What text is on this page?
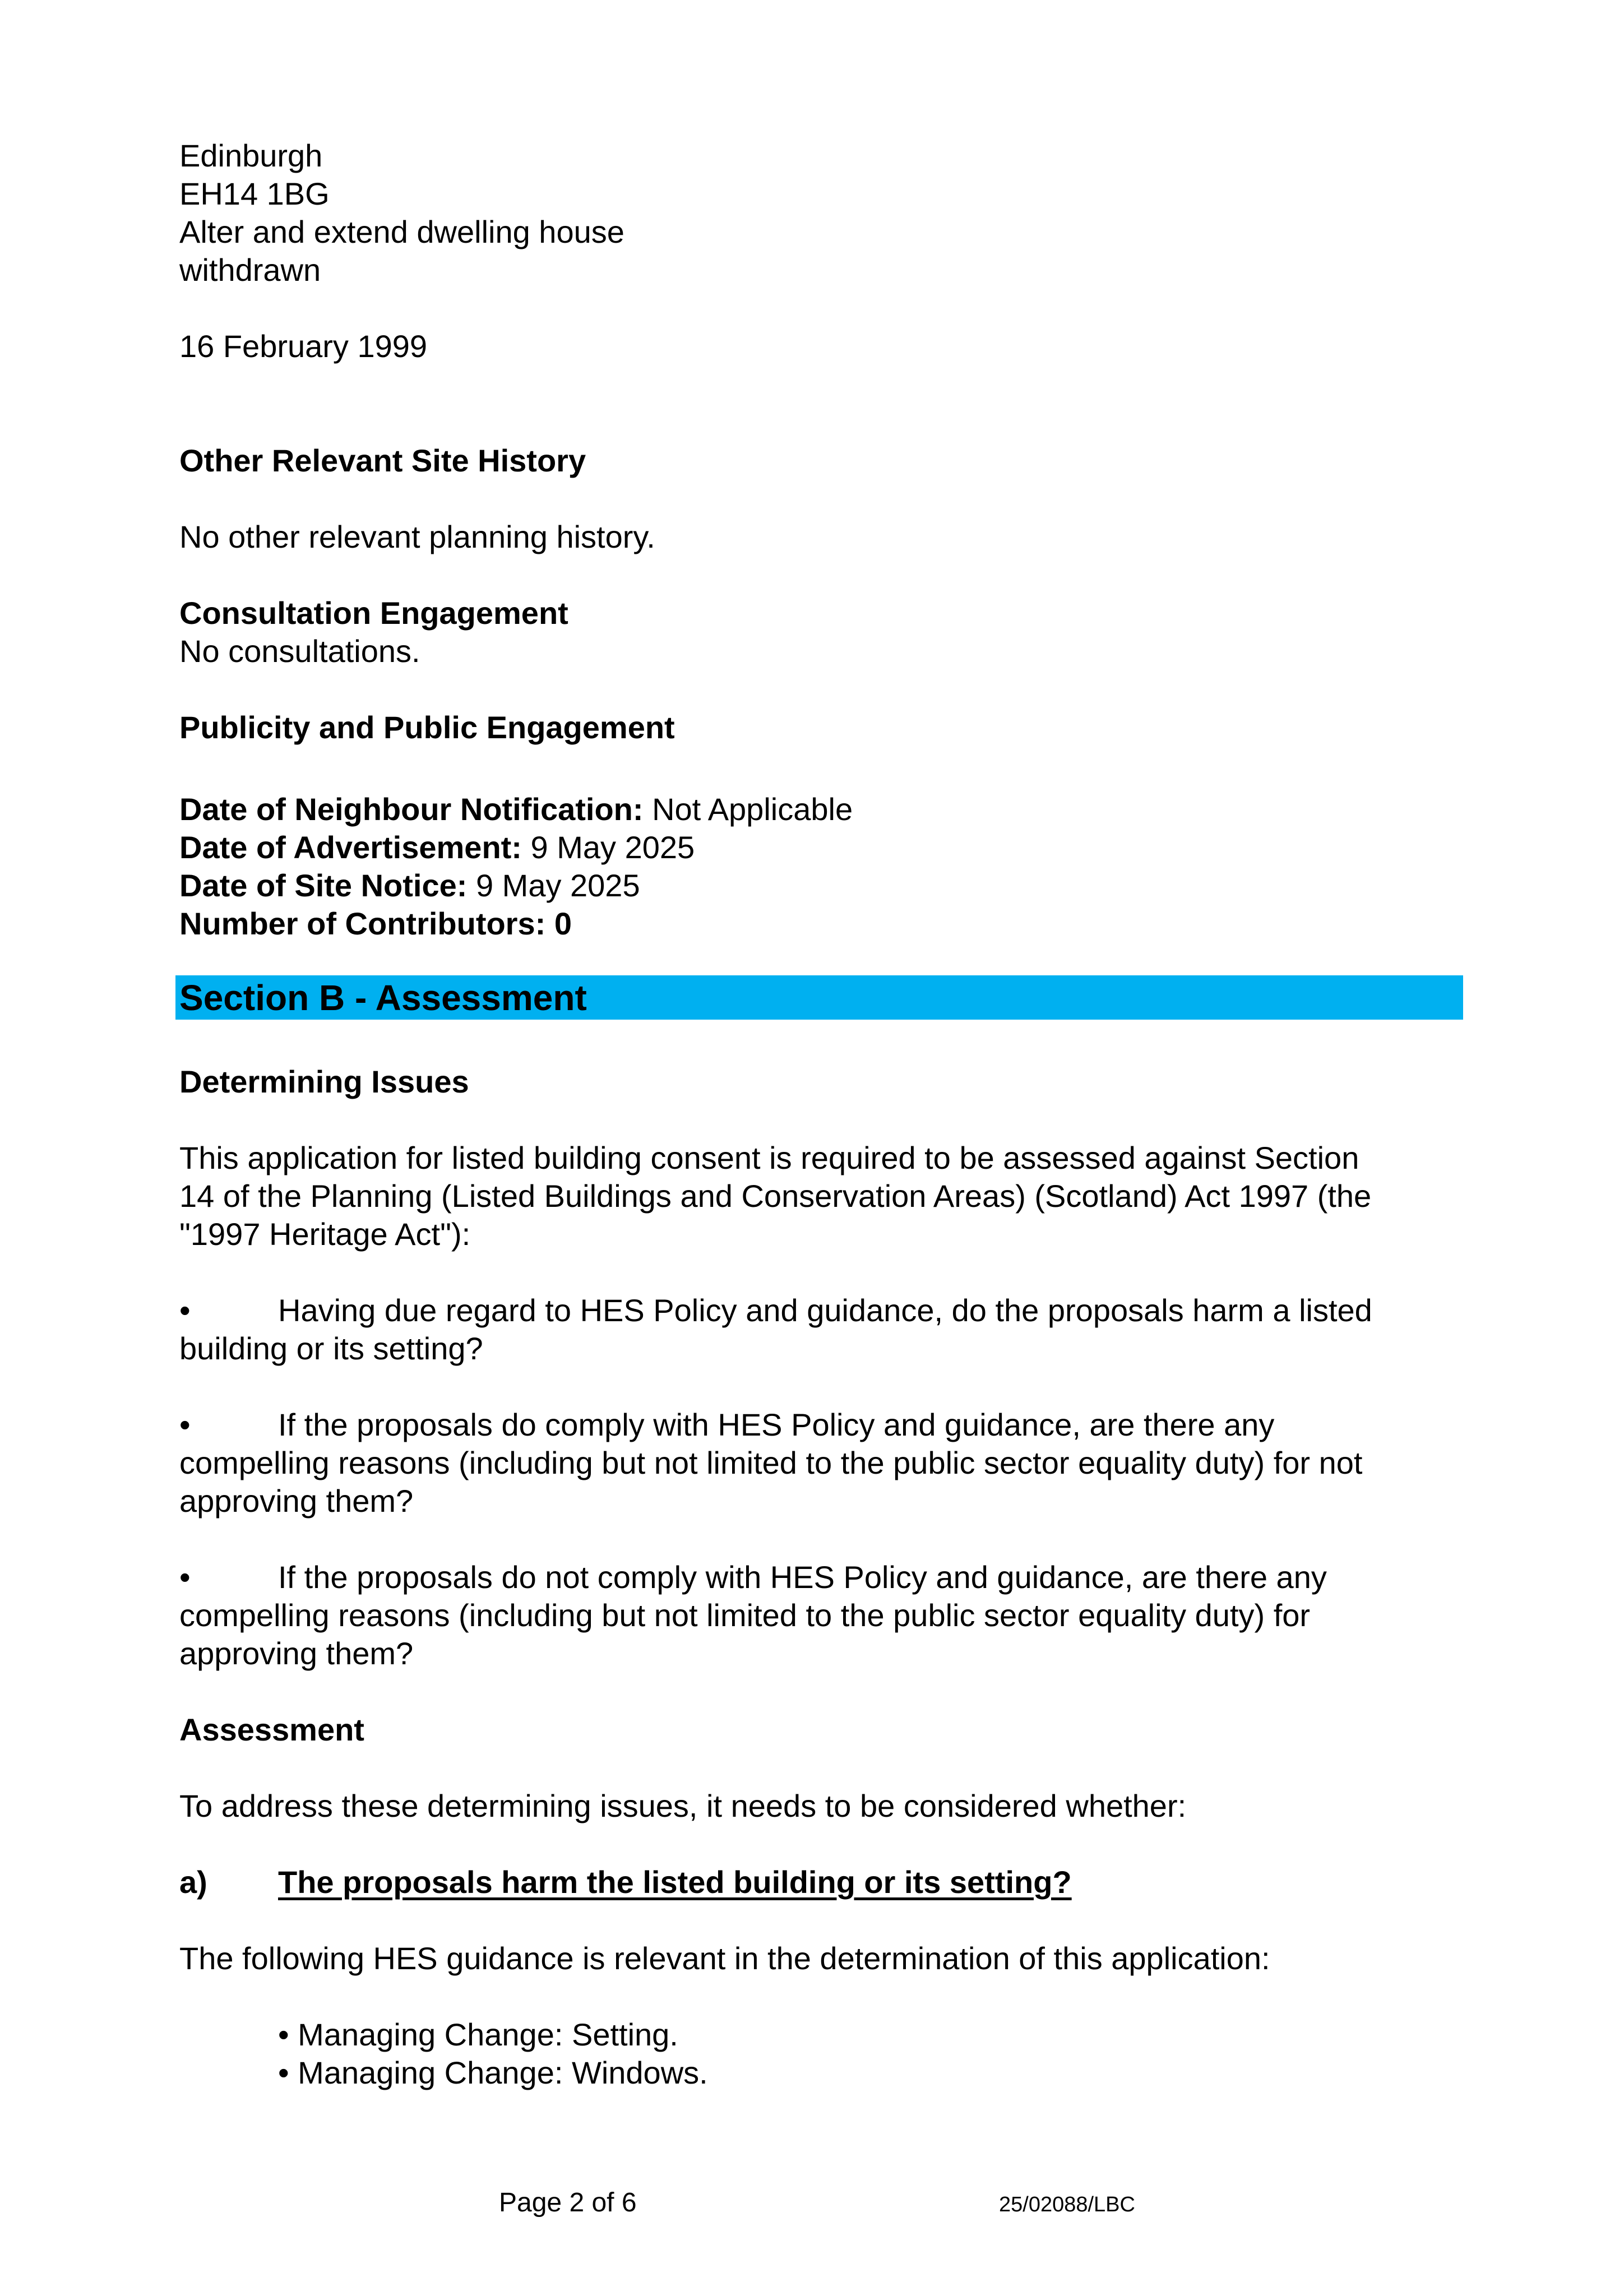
Edinburgh
EH14 1BG
Alter and extend dwelling house
withdrawn
16 February 1999
Other Relevant Site History
No other relevant planning history.
Consultation Engagement
No consultations.
Publicity and Public Engagement
Date of Neighbour Notification: Not Applicable
Date of Advertisement: 9 May 2025
Date of Site Notice: 9 May 2025
Number of Contributors: 0
Section B - Assessment
Determining Issues
This application for listed building consent is required to be assessed against Section
14 of the Planning (Listed Buildings and Conservation Areas) (Scotland) Act 1997 (the
"1997 Heritage Act"):
•	Having due regard to HES Policy and guidance, do the proposals harm a listed
building or its setting?
•	If the proposals do comply with HES Policy and guidance, are there any
compelling reasons (including but not limited to the public sector equality duty) for not
approving them?
•	If the proposals do not comply with HES Policy and guidance, are there any
compelling reasons (including but not limited to the public sector equality duty) for
approving them?
Assessment
To address these determining issues, it needs to be considered whether:
a) The proposals harm the listed building or its setting?
The following HES guidance is relevant in the determination of this application:
• Managing Change: Setting.
• Managing Change: Windows.
Page 2 of 6	25/02088/LBC
